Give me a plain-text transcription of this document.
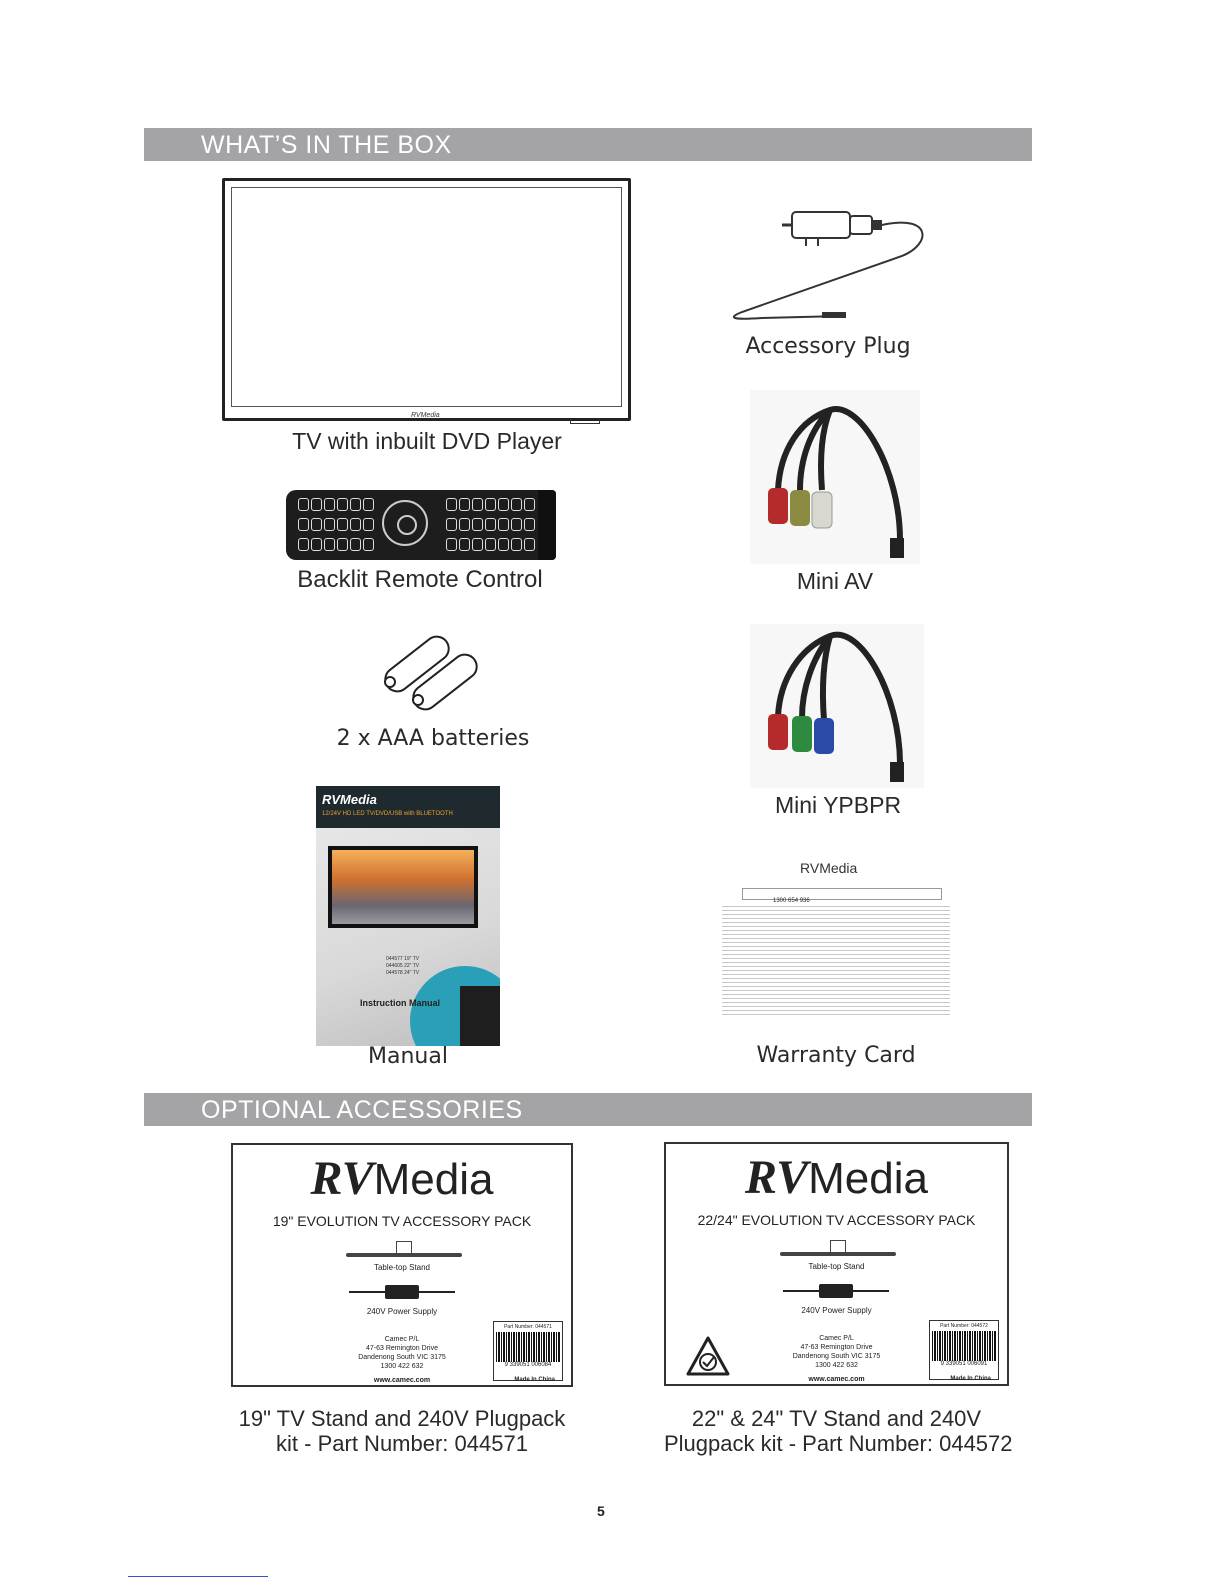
WHAT’S IN THE BOX
RVMedia
TV with inbuilt DVD Player
Accessory Plug
Backlit Remote Control	Mini AV
2 x AAA batteries
Mini YPBPR
RVMedia
12/24V HD LED TV/DVD/USB with BLUETOOTH
044577 19" TV
044605 22" TV
044578 24" TV
Instruction Manual
Manual
RVMedia
1300 654 936
Warranty Card
OPTIONAL ACCESSORIES
RVMedia
19" EVOLUTION TV ACCESSORY PACK
Table-top Stand
240V Power Supply
Camec P/L
47-63 Remington Drive
Dandenong South VIC 3175
1300 422 632
www.camec.com
Part Number: 044571
9 339051 006084
Made In China
19" TV Stand and 240V Plugpack
kit - Part Number: 044571
RVMedia
22/24" EVOLUTION TV ACCESSORY PACK
Table-top Stand
240V Power Supply
Camec P/L
47-63 Remington Drive
Dandenong South VIC 3175
1300 422 632
www.camec.com
Part Number: 044572
9 339051 006091
Made In China
22" & 24" TV Stand and 240V
Plugpack kit - Part Number: 044572
5
